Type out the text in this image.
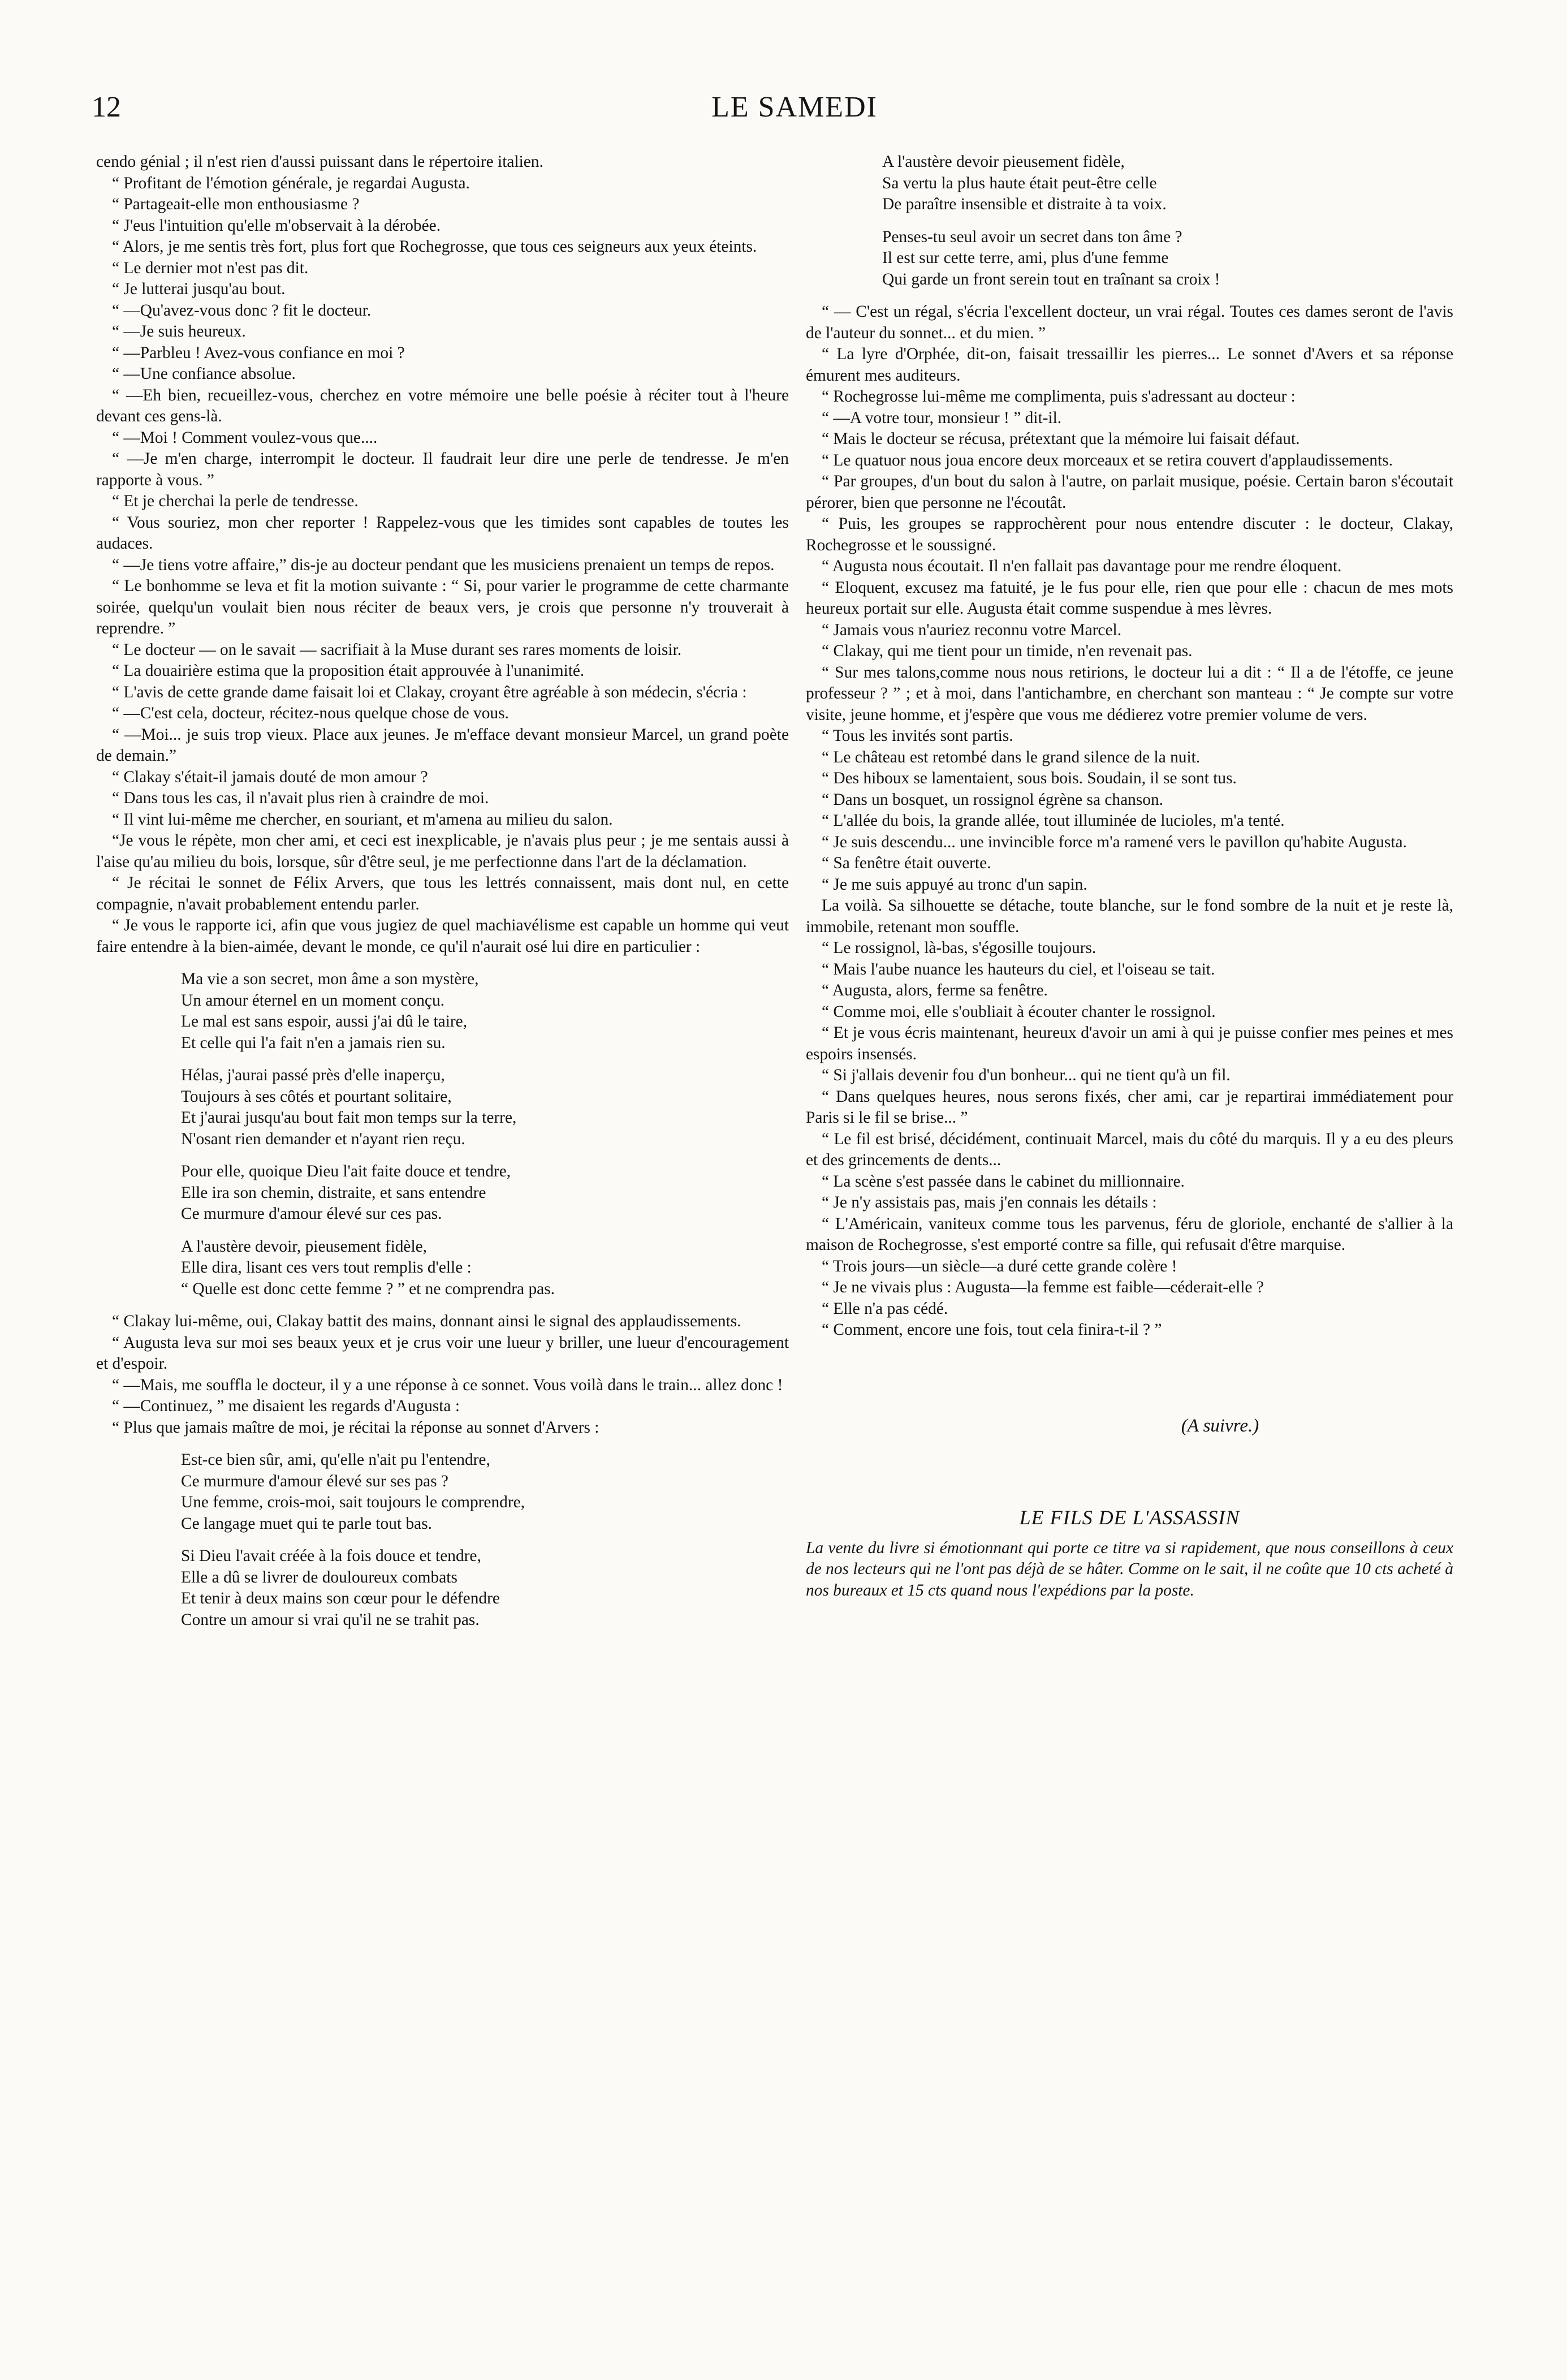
12	LE SAMEDI

cendo génial ; il n'est rien d'aussi puissant dans le répertoire italien.

“ Profitant de l'émotion générale, je regardai Augusta.

“ Partageait-elle mon enthousiasme ?

“ J'eus l'intuition qu'elle m'observait à la dérobée.

“ Alors, je me sentis très fort, plus fort que Rochegrosse, que tous ces seigneurs aux yeux éteints.

“ Le dernier mot n'est pas dit.

“ Je lutterai jusqu'au bout.

“ —Qu'avez-vous donc ? fit le docteur.

“ —Je suis heureux.

“ —Parbleu ! Avez-vous confiance en moi ?

“ —Une confiance absolue.

“ —Eh bien, recueillez-vous, cherchez en votre mémoire une belle poésie à réciter tout à l'heure devant ces gens-là.

“ —Moi ! Comment voulez-vous que....

“ —Je m'en charge, interrompit le docteur. Il faudrait leur dire une perle de tendresse. Je m'en rapporte à vous. ”

“ Et je cherchai la perle de tendresse.

“ Vous souriez, mon cher reporter ! Rappelez-vous que les timides sont capables de toutes les audaces.

“ —Je tiens votre affaire,” dis-je au docteur pendant que les musiciens prenaient un temps de repos.

“ Le bonhomme se leva et fit la motion suivante : “ Si, pour varier le programme de cette charmante soirée, quelqu'un voulait bien nous réciter de beaux vers, je crois que personne n'y trouverait à reprendre. ”

“ Le docteur — on le savait — sacrifiait à la Muse durant ses rares moments de loisir.

“ La douairière estima que la proposition était approuvée à l'unanimité.

“ L'avis de cette grande dame faisait loi et Clakay, croyant être agréable à son médecin, s'écria :

“ —C'est cela, docteur, récitez-nous quelque chose de vous.

“ —Moi... je suis trop vieux. Place aux jeunes. Je m'efface devant monsieur Marcel, un grand poète de demain.”

“ Clakay s'était-il jamais douté de mon amour ?

“ Dans tous les cas, il n'avait plus rien à craindre de moi.

“ Il vint lui-même me chercher, en souriant, et m'amena au milieu du salon.

“Je vous le répète, mon cher ami, et ceci est inexplicable, je n'avais plus peur ; je me sentais aussi à l'aise qu'au milieu du bois, lorsque, sûr d'être seul, je me perfectionne dans l'art de la déclamation.

“ Je récitai le sonnet de Félix Arvers, que tous les lettrés connaissent, mais dont nul, en cette compagnie, n'avait probablement entendu parler.

“ Je vous le rapporte ici, afin que vous jugiez de quel machiavélisme est capable un homme qui veut faire entendre à la bien-aimée, devant le monde, ce qu'il n'aurait osé lui dire en particulier :

Ma vie a son secret, mon âme a son mystère,

Un amour éternel en un moment conçu.

Le mal est sans espoir, aussi j'ai dû le taire,

Et celle qui l'a fait n'en a jamais rien su.

Hélas, j'aurai passé près d'elle inaperçu,

Toujours à ses côtés et pourtant solitaire,

Et j'aurai jusqu'au bout fait mon temps sur la terre,

N'osant rien demander et n'ayant rien reçu.

Pour elle, quoique Dieu l'ait faite douce et tendre,

Elle ira son chemin, distraite, et sans entendre

Ce murmure d'amour élevé sur ces pas.

A l'austère devoir, pieusement fidèle,

Elle dira, lisant ces vers tout remplis d'elle :

“ Quelle est donc cette femme ? ” et ne comprendra pas.

“ Clakay lui-même, oui, Clakay battit des mains, donnant ainsi le signal des applaudissements.

“ Augusta leva sur moi ses beaux yeux et je crus voir une lueur y briller, une lueur d'encouragement et d'espoir.

“ —Mais, me souffla le docteur, il y a une réponse à ce sonnet. Vous voilà dans le train... allez donc !

“ —Continuez, ” me disaient les regards d'Augusta :

“ Plus que jamais maître de moi, je récitai la réponse au sonnet d'Arvers :

Est-ce bien sûr, ami, qu'elle n'ait pu l'entendre,

Ce murmure d'amour élevé sur ses pas ?

Une femme, crois-moi, sait toujours le comprendre,

Ce langage muet qui te parle tout bas.

Si Dieu l'avait créée à la fois douce et tendre,

Elle a dû se livrer de douloureux combats

Et tenir à deux mains son cœur pour le défendre

Contre un amour si vrai qu'il ne se trahit pas.

A l'austère devoir pieusement fidèle,

Sa vertu la plus haute était peut-être celle

De paraître insensible et distraite à ta voix.

Penses-tu seul avoir un secret dans ton âme ?

Il est sur cette terre, ami, plus d'une femme

Qui garde un front serein tout en traînant sa croix !

“ — C'est un régal, s'écria l'excellent docteur, un vrai régal. Toutes ces dames seront de l'avis de l'auteur du sonnet... et du mien. ”

“ La lyre d'Orphée, dit-on, faisait tressaillir les pierres... Le sonnet d'Avers et sa réponse émurent mes auditeurs.

“ Rochegrosse lui-même me complimenta, puis s'adressant au docteur :

“ —A votre tour, monsieur ! ” dit-il.

“ Mais le docteur se récusa, prétextant que la mémoire lui faisait défaut.

“ Le quatuor nous joua encore deux morceaux et se retira couvert d'applaudissements.

“ Par groupes, d'un bout du salon à l'autre, on parlait musique, poésie. Certain baron s'écoutait pérorer, bien que personne ne l'écoutât.

“ Puis, les groupes se rapprochèrent pour nous entendre discuter : le docteur, Clakay, Rochegrosse et le soussigné.

“ Augusta nous écoutait. Il n'en fallait pas davantage pour me rendre éloquent.

“ Eloquent, excusez ma fatuité, je le fus pour elle, rien que pour elle : chacun de mes mots heureux portait sur elle. Augusta était comme suspendue à mes lèvres.

“ Jamais vous n'auriez reconnu votre Marcel.

“ Clakay, qui me tient pour un timide, n'en revenait pas.

“ Sur mes talons,comme nous nous retirions, le docteur lui a dit : “ Il a de l'étoffe, ce jeune professeur ? ” ; et à moi, dans l'antichambre, en cherchant son manteau : “ Je compte sur votre visite, jeune homme, et j'espère que vous me dédierez votre premier volume de vers.

“ Tous les invités sont partis.

“ Le château est retombé dans le grand silence de la nuit.

“ Des hiboux se lamentaient, sous bois. Soudain, il se sont tus.

“ Dans un bosquet, un rossignol égrène sa chanson.

“ L'allée du bois, la grande allée, tout illuminée de lucioles, m'a tenté.

“ Je suis descendu... une invincible force m'a ramené vers le pavillon qu'habite Augusta.

“ Sa fenêtre était ouverte.

“ Je me suis appuyé au tronc d'un sapin.

La voilà. Sa silhouette se détache, toute blanche, sur le fond sombre de la nuit et je reste là, immobile, retenant mon souffle.

“ Le rossignol, là-bas, s'égosille toujours.

“ Mais l'aube nuance les hauteurs du ciel, et l'oiseau se tait.

“ Augusta, alors, ferme sa fenêtre.

“ Comme moi, elle s'oubliait à écouter chanter le rossignol.

“ Et je vous écris maintenant, heureux d'avoir un ami à qui je puisse confier mes peines et mes espoirs insensés.

“ Si j'allais devenir fou d'un bonheur... qui ne tient qu'à un fil.

“ Dans quelques heures, nous serons fixés, cher ami, car je repartirai immédiatement pour Paris si le fil se brise... ”

“ Le fil est brisé, décidément, continuait Marcel, mais du côté du marquis. Il y a eu des pleurs et des grincements de dents...

“ La scène s'est passée dans le cabinet du millionnaire.

“ Je n'y assistais pas, mais j'en connais les détails :

“ L'Américain, vaniteux comme tous les parvenus, féru de gloriole, enchanté de s'allier à la maison de Rochegrosse, s'est emporté contre sa fille, qui refusait d'être marquise.

“ Trois jours—un siècle—a duré cette grande colère !

“ Je ne vivais plus : Augusta—la femme est faible—céderait-elle ?

“ Elle n'a pas cédé.

“ Comment, encore une fois, tout cela finira-t-il ? ”

(A suivre.)
LE FILS DE L'ASSASSIN

La vente du livre si émotionnant qui porte ce titre va si rapidement, que nous conseillons à ceux de nos lecteurs qui ne l'ont pas déjà de se hâter. Comme on le sait, il ne coûte que 10 cts acheté à nos bureaux et 15 cts quand nous l'expédions par la poste.
